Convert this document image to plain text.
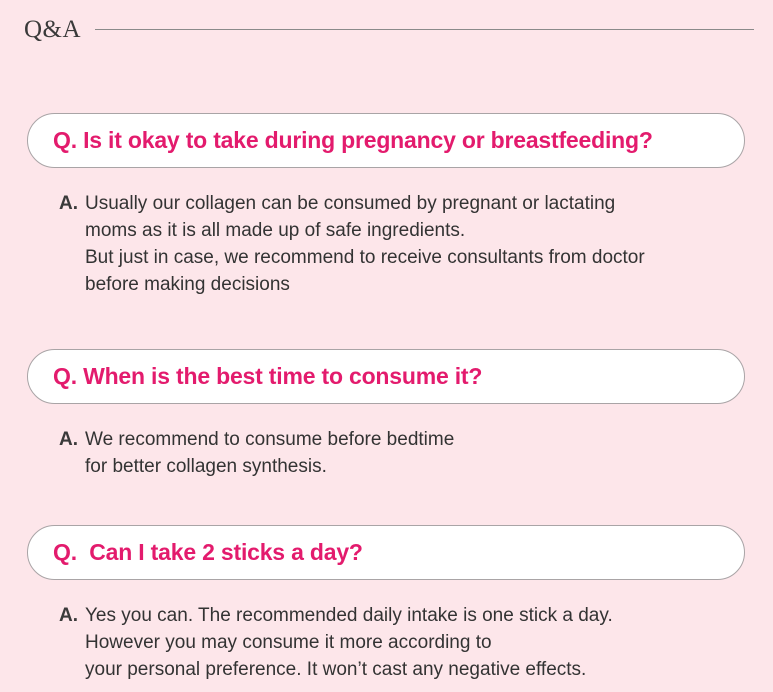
Q&A
Q. Is it okay to take during pregnancy or breastfeeding?
A. Usually our collagen can be consumed by pregnant or lactating
moms as it is all made up of safe ingredients.
But just in case, we recommend to receive consultants from doctor
before making decisions
Q. When is the best time to consume it?
A. We recommend to consume before bedtime
for better collagen synthesis.
Q.  Can I take 2 sticks a day?
A. Yes you can. The recommended daily intake is one stick a day.
However you may consume it more according to
your personal preference. It won’t cast any negative effects.
